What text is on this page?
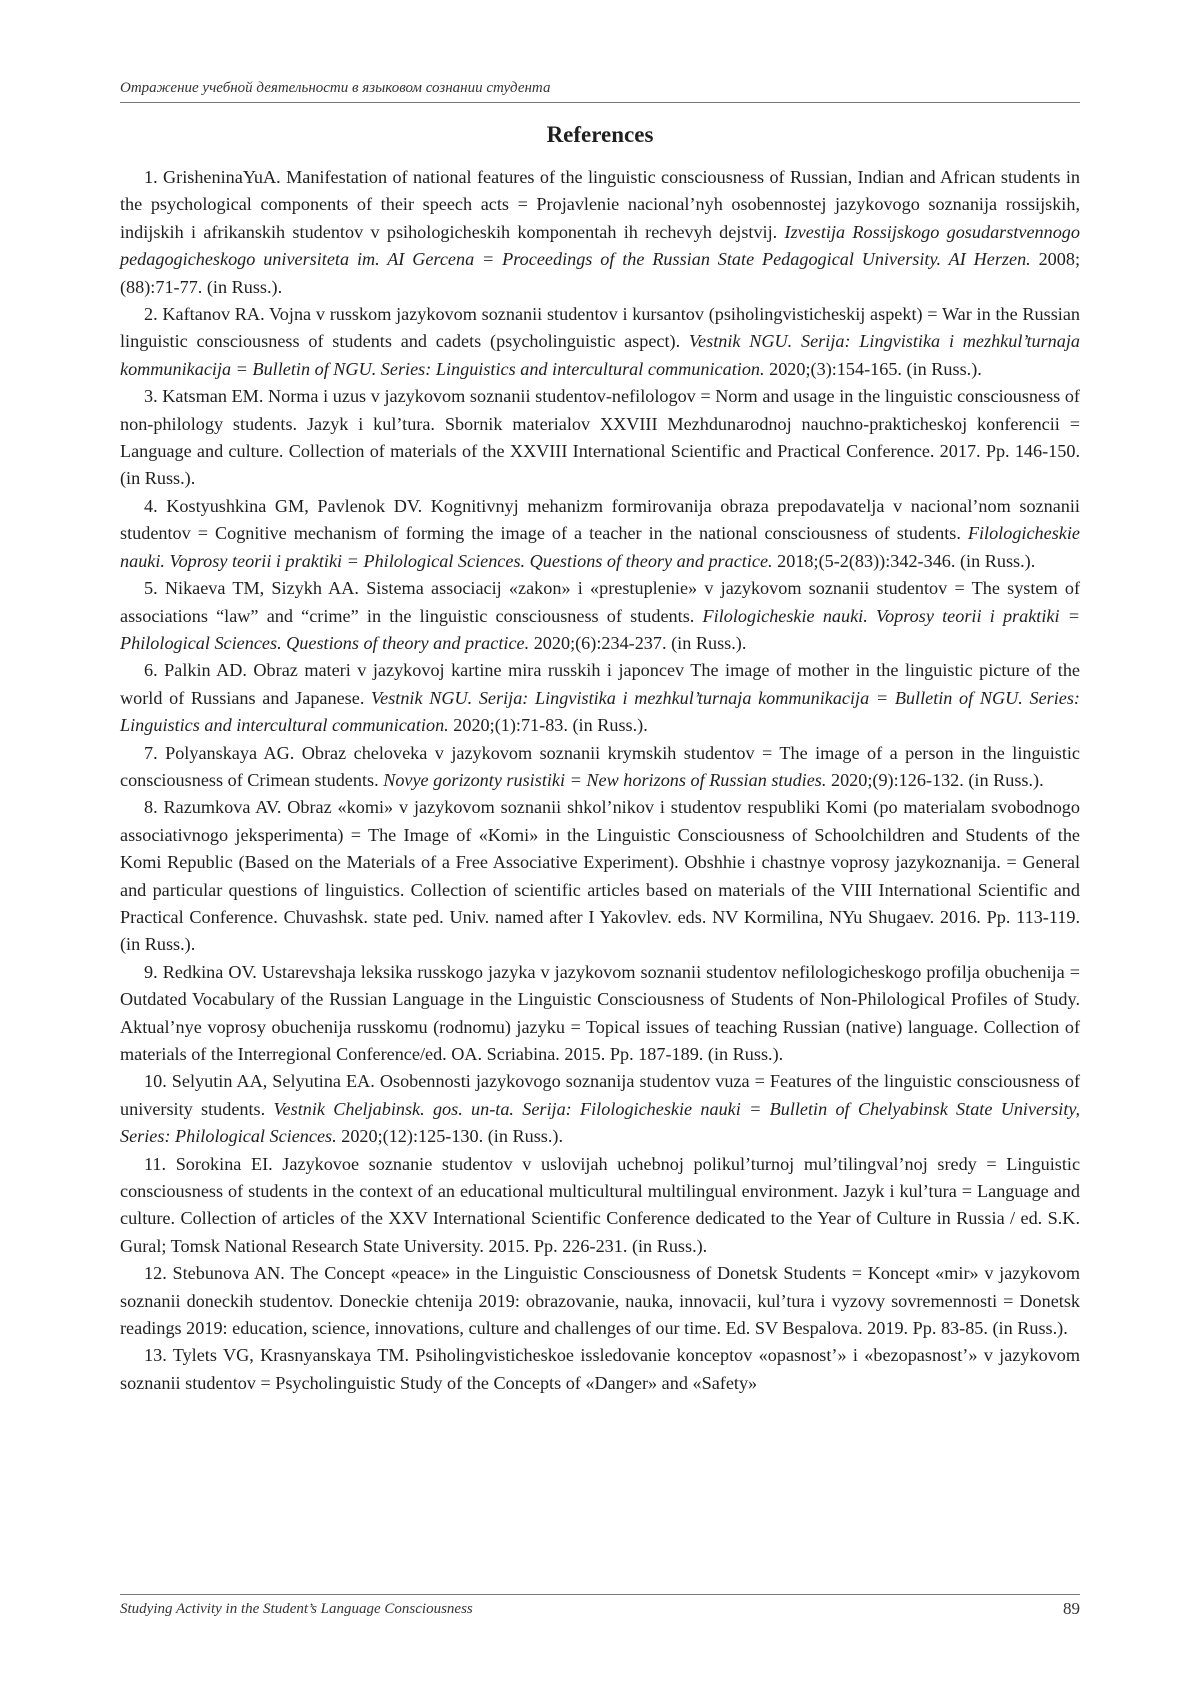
Отражение учебной деятельности в языковом сознании студента
References
1. GrisheninaYuA. Manifestation of national features of the linguistic consciousness of Russian, Indian and African students in the psychological components of their speech acts = Projavlenie nacional’nyh osobennostej jazykovogo soznanija rossijskih, indijskih i afrikanskih studentov v psihologicheskih komponentah ih rechevyh dejstvij. Izvestija Rossijskogo gosudarstvennogo pedagogicheskogo universiteta im. AI Gercena = Proceedings of the Russian State Pedagogical University. AI Herzen. 2008;(88):71-77. (in Russ.).
2. Kaftanov RA. Vojna v russkom jazykovom soznanii studentov i kursantov (psiholingvisticheskij aspekt) = War in the Russian linguistic consciousness of students and cadets (psycholinguistic aspect). Vestnik NGU. Serija: Lingvistika i mezhkul’turnaja kommunikacija = Bulletin of NGU. Series: Linguistics and intercultural communication. 2020;(3):154-165. (in Russ.).
3. Katsman EM. Norma i uzus v jazykovom soznanii studentov-nefilologov = Norm and usage in the linguistic consciousness of non-philology students. Jazyk i kul’tura. Sbornik materialov XXVIII Mezhdunarodnoj nauchno-prakticheskoj konferencii = Language and culture. Collection of materials of the XXVIII International Scientific and Practical Conference. 2017. Pp. 146-150. (in Russ.).
4. Kostyushkina GM, Pavlenok DV. Kognitivnyj mehanizm formirovanija obraza prepodavatelja v nacional’nom soznanii studentov = Cognitive mechanism of forming the image of a teacher in the national consciousness of students. Filologicheskie nauki. Voprosy teorii i praktiki = Philological Sciences. Questions of theory and practice. 2018;(5-2(83)):342-346. (in Russ.).
5. Nikaeva TM, Sizykh AA. Sistema associacij «zakon» i «prestuplenie» v jazykovom soznanii studentov = The system of associations “law” and “crime” in the linguistic consciousness of students. Filologicheskie nauki. Voprosy teorii i praktiki = Philological Sciences. Questions of theory and practice. 2020;(6):234-237. (in Russ.).
6. Palkin AD. Obraz materi v jazykovoj kartine mira russkih i japoncev The image of mother in the linguistic picture of the world of Russians and Japanese. Vestnik NGU. Serija: Lingvistika i mezhkul’turnaja kommunikacija = Bulletin of NGU. Series: Linguistics and intercultural communication. 2020;(1):71-83. (in Russ.).
7. Polyanskaya AG. Obraz cheloveka v jazykovom soznanii krymskih studentov = The image of a person in the linguistic consciousness of Crimean students. Novye gorizonty rusistiki = New horizons of Russian studies. 2020;(9):126-132. (in Russ.).
8. Razumkova AV. Obraz «komi» v jazykovom soznanii shkol’nikov i studentov respubliki Komi (po materialam svobodnogo associativnogo jeksperimenta) = The Image of «Komi» in the Linguistic Consciousness of Schoolchildren and Students of the Komi Republic (Based on the Materials of a Free Associative Experiment). Obshhie i chastnye voprosy jazykoznanija. = General and particular questions of linguistics. Collection of scientific articles based on materials of the VIII International Scientific and Practical Conference. Chuvashsk. state ped. Univ. named after I Yakovlev. eds. NV Kormilina, NYu Shugaev. 2016. Pp. 113-119. (in Russ.).
9. Redkina OV. Ustarevshaja leksika russkogo jazyka v jazykovom soznanii studentov nefilologicheskogo profilja obuchenija = Outdated Vocabulary of the Russian Language in the Linguistic Consciousness of Students of Non-Philological Profiles of Study. Aktual’nye voprosy obuchenija russkomu (rodnomu) jazyku = Topical issues of teaching Russian (native) language. Collection of materials of the Interregional Conference/ed. OA. Scriabina. 2015. Pp. 187-189. (in Russ.).
10. Selyutin AA, Selyutina EA. Osobennosti jazykovogo soznanija studentov vuza = Features of the linguistic consciousness of university students. Vestnik Cheljabinsk. gos. un-ta. Serija: Filologicheskie nauki = Bulletin of Chelyabinsk State University, Series: Philological Sciences. 2020;(12):125-130. (in Russ.).
11. Sorokina EI. Jazykovoe soznanie studentov v uslovijah uchebnoj polikul’turnoj mul’tilingval’noj sredy = Linguistic consciousness of students in the context of an educational multicultural multilingual environment. Jazyk i kul’tura = Language and culture. Collection of articles of the XXV International Scientific Conference dedicated to the Year of Culture in Russia / ed. S.K. Gural; Tomsk National Research State University. 2015. Pp. 226-231. (in Russ.).
12. Stebunova AN. The Concept «peace» in the Linguistic Consciousness of Donetsk Students = Koncept «mir» v jazykovom soznanii doneckih studentov. Doneckie chtenija 2019: obrazovanie, nauka, innovacii, kul’tura i vyzovy sovremennosti = Donetsk readings 2019: education, science, innovations, culture and challenges of our time. Ed. SV Bespalova. 2019. Pp. 83-85. (in Russ.).
13. Tylets VG, Krasnyanskaya TM. Psiholingvisticheskoe issledovanie konceptov «opasnost’» i «bezopasnost’» v jazykovom soznanii studentov = Psycholinguistic Study of the Concepts of «Danger» and «Safety»
Studying Activity in the Student’s Language Consciousness	89
